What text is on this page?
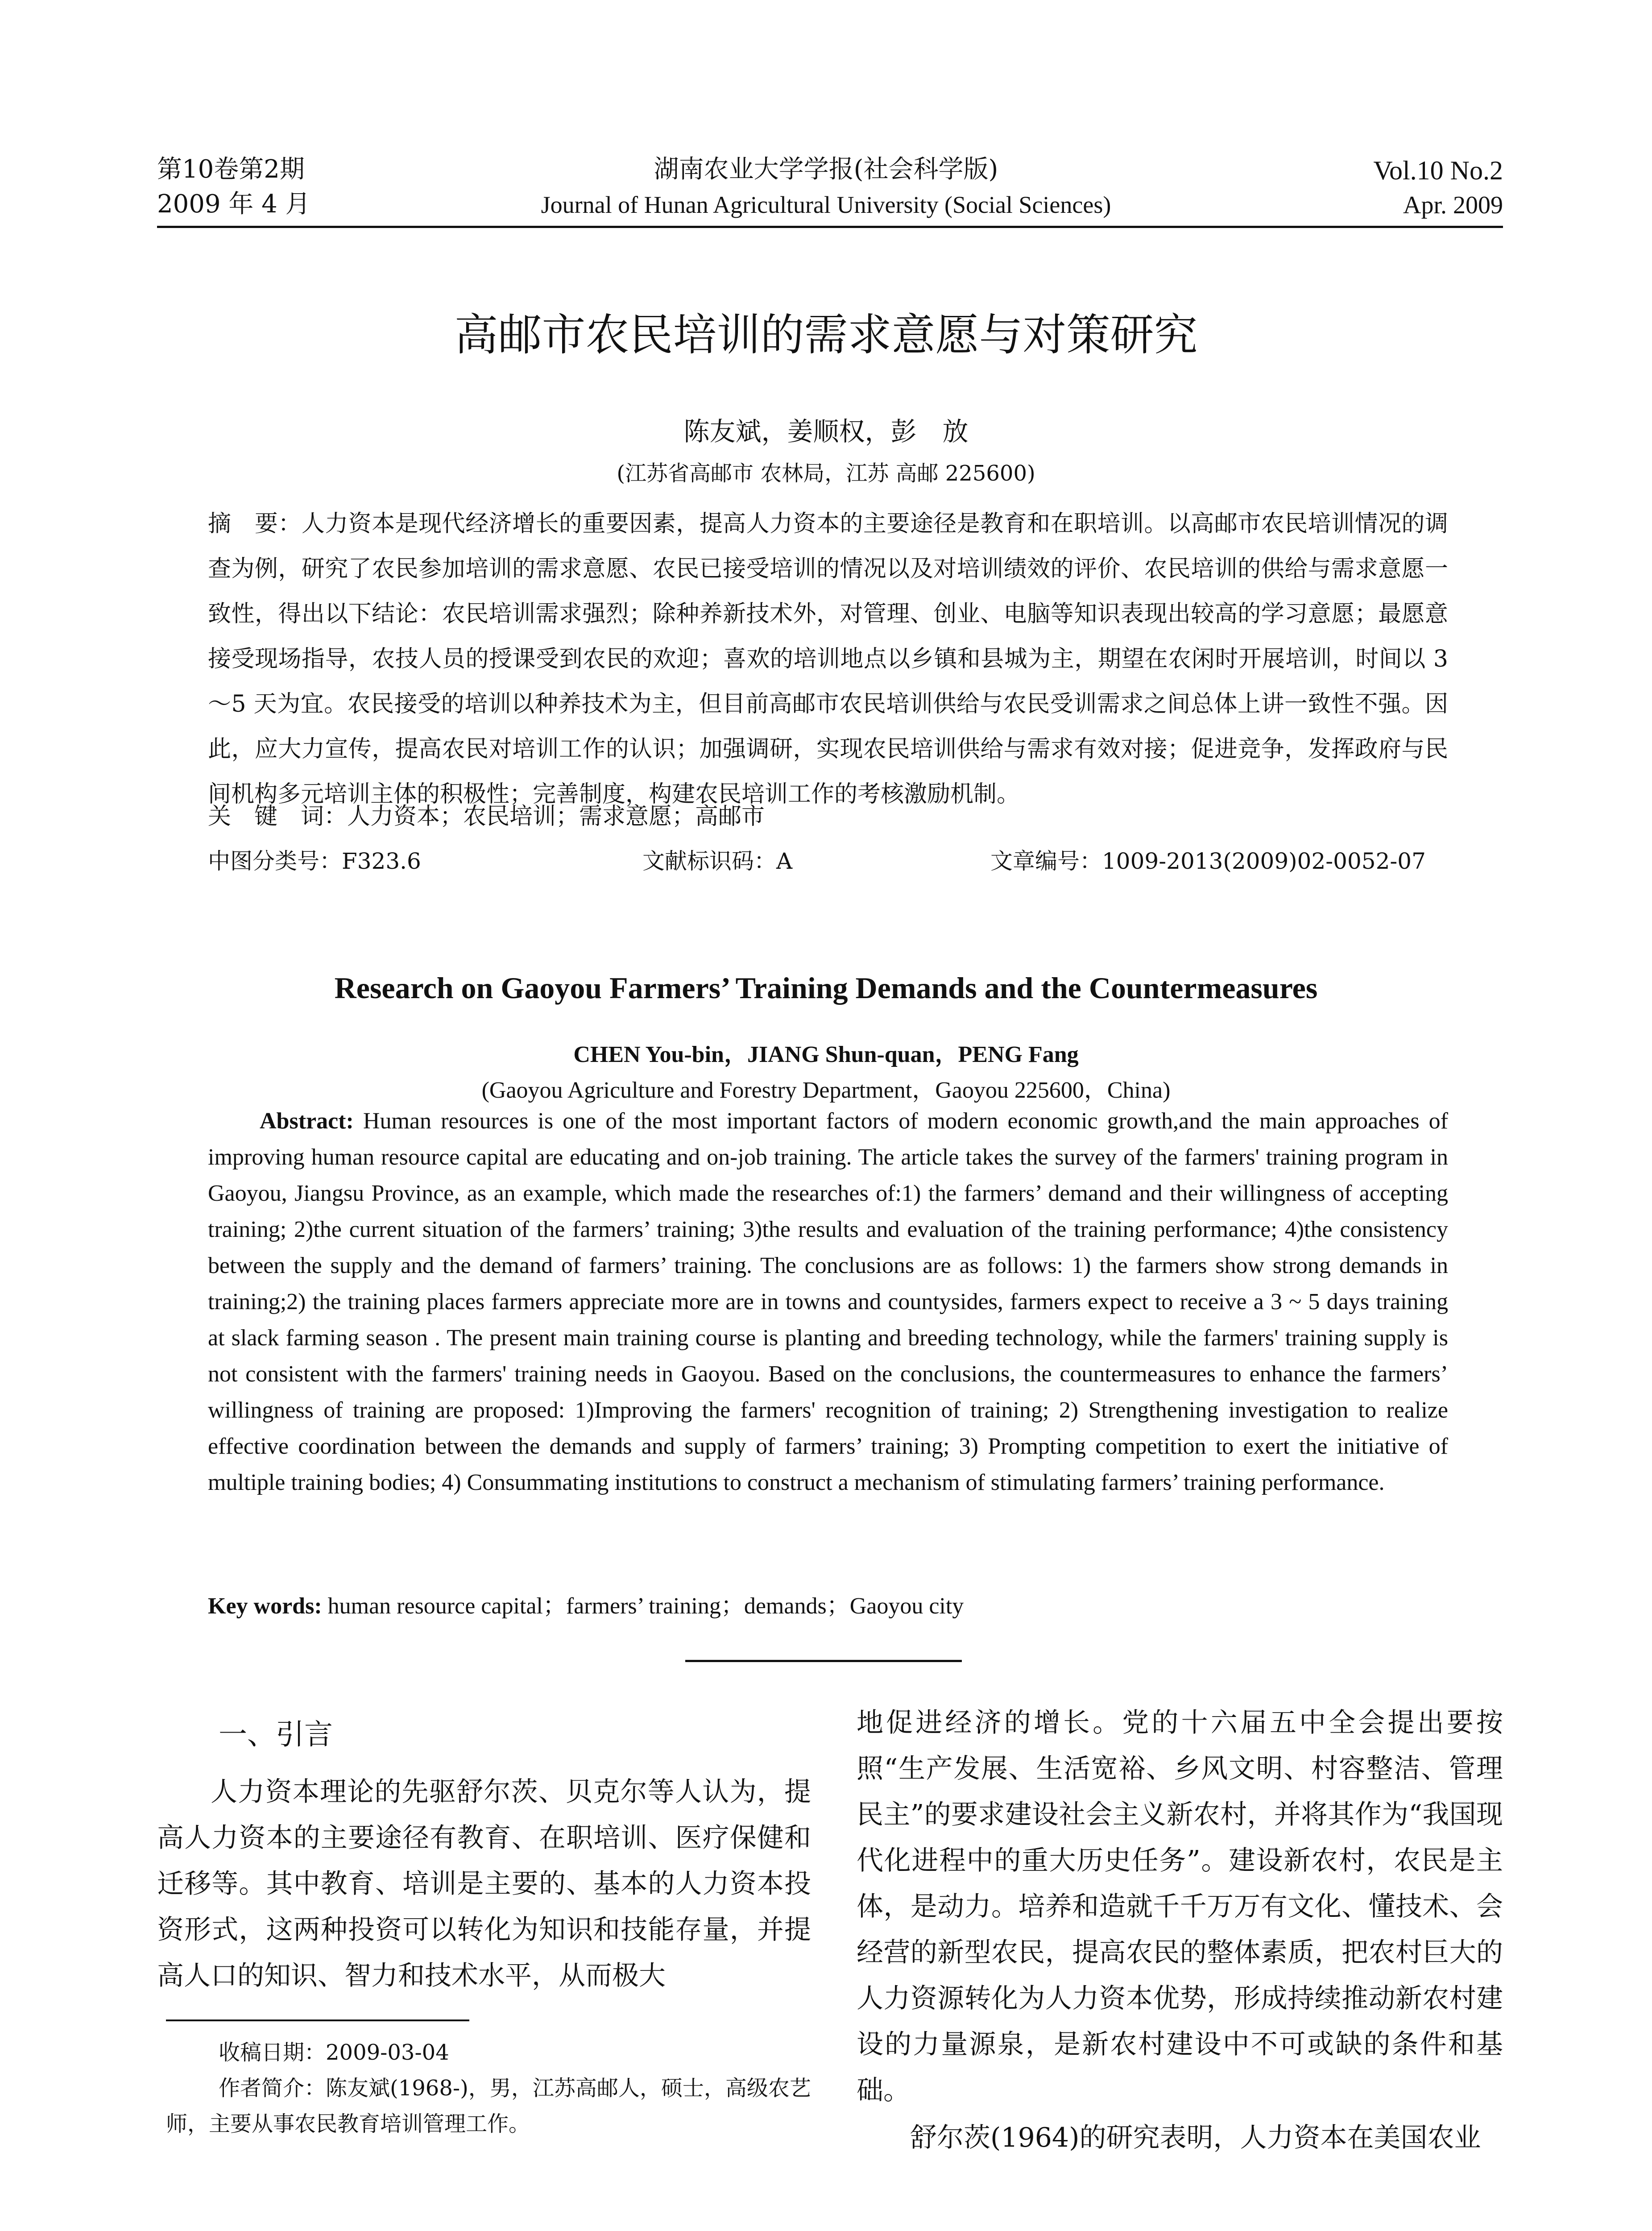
第10卷第2期	湖南农业大学学报(社会科学版)	Vol.10 No.2
2009 年 4 月	Journal of Hunan Agricultural University (Social Sciences)	Apr. 2009
高邮市农民培训的需求意愿与对策研究
陈友斌，姜顺权，彭　放
(江苏省高邮市 农林局，江苏 高邮 225600)
摘　要：人力资本是现代经济增长的重要因素，提高人力资本的主要途径是教育和在职培训。以高邮市农民培训情况的调查为例，研究了农民参加培训的需求意愿、农民已接受培训的情况以及对培训绩效的评价、农民培训的供给与需求意愿一致性，得出以下结论：农民培训需求强烈；除种养新技术外，对管理、创业、电脑等知识表现出较高的学习意愿；最愿意接受现场指导，农技人员的授课受到农民的欢迎；喜欢的培训地点以乡镇和县城为主，期望在农闲时开展培训，时间以 3～5 天为宜。农民接受的培训以种养技术为主，但目前高邮市农民培训供给与农民受训需求之间总体上讲一致性不强。因此，应大力宣传，提高农民对培训工作的认识；加强调研，实现农民培训供给与需求有效对接；促进竞争，发挥政府与民间机构多元培训主体的积极性；完善制度，构建农民培训工作的考核激励机制。
关　键　词：人力资本；农民培训；需求意愿；高邮市
中图分类号：F323.6	文献标识码：A	文章编号：1009-2013(2009)02-0052-07
Research on Gaoyou Farmers’ Training Demands and the Countermeasures
CHEN You-bin，JIANG Shun-quan，PENG Fang
(Gaoyou Agriculture and Forestry Department，Gaoyou 225600，China)
Abstract: Human resources is one of the most important factors of modern economic growth,and the main approaches of improving human resource capital are educating and on-job training. The article takes the survey of the farmers' training program in Gaoyou, Jiangsu Province, as an example, which made the researches of:1) the farmers’ demand and their willingness of accepting training; 2)the current situation of the farmers’ training; 3)the results and evaluation of the training performance; 4)the consistency between the supply and the demand of farmers’ training. The conclusions are as follows: 1) the farmers show strong demands in training;2) the training places farmers appreciate more are in towns and countysides, farmers expect to receive a 3 ~ 5 days training at slack farming season . The present main training course is planting and breeding technology, while the farmers' training supply is not consistent with the farmers' training needs in Gaoyou. Based on the conclusions, the countermeasures to enhance the farmers’ willingness of training are proposed: 1)Improving the farmers' recognition of training; 2) Strengthening investigation to realize effective coordination between the demands and supply of farmers’ training; 3) Prompting competition to exert the initiative of multiple training bodies; 4) Consummating institutions to construct a mechanism of stimulating farmers’ training performance.
Key words: human resource capital；farmers’ training；demands；Gaoyou city
一、引言
人力资本理论的先驱舒尔茨、贝克尔等人认为，提高人力资本的主要途径有教育、在职培训、医疗保健和迁移等。其中教育、培训是主要的、基本的人力资本投资形式，这两种投资可以转化为知识和技能存量，并提高人口的知识、智力和技术水平，从而极大
收稿日期：2009-03-04
作者简介：陈友斌(1968-)，男，江苏高邮人，硕士，高级农艺师，主要从事农民教育培训管理工作。
地促进经济的增长。党的十六届五中全会提出要按照“生产发展、生活宽裕、乡风文明、村容整洁、管理民主”的要求建设社会主义新农村，并将其作为“我国现代化进程中的重大历史任务”。建设新农村，农民是主体，是动力。培养和造就千千万万有文化、懂技术、会经营的新型农民，提高农民的整体素质，把农村巨大的人力资源转化为人力资本优势，形成持续推动新农村建设的力量源泉，是新农村建设中不可或缺的条件和基础。
舒尔茨(1964)的研究表明，人力资本在美国农业
